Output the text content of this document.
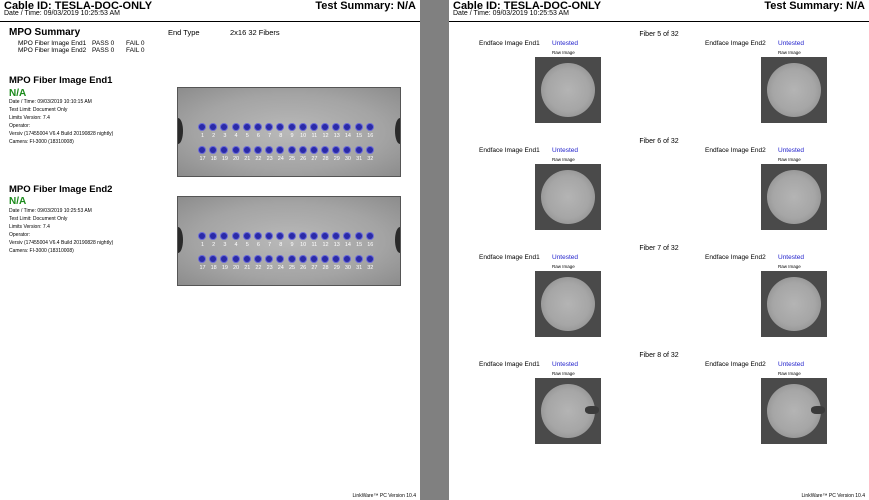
Cable ID: TESLA-DOC-ONLY
Date / Time: 09/03/2019 10:25:53 AM
Test Summary: N/A
MPO Summary
MPO Fiber Image End1 PASS 0 FAIL 0
MPO Fiber Image End2 PASS 0 FAIL 0
End Type	2x16 32 Fibers
MPO Fiber Image End1
N/A
Date / Time: 09/03/2019 10:10:15 AM
Test Limit: Document Only
Limits Version: 7.4
Operator:
Versiv (17455004 V6.4 Build 20190828 nightly)
Camera: FI-3000 (18310008)
1	2	3	4	5	6	7	8	9	10 11 12 13 14 15 16
17 18 19 20 21 22 23 24 25 26 27 28 29 30 31 32
MPO Fiber Image End2
N/A
Date / Time: 09/03/2019 10:25:53 AM
Test Limit: Document Only
Limits Version: 7.4
Operator:
Versiv (17455004 V6.4 Build 20190828 nightly)
Camera: FI-3000 (18310008)
1	2	3	4	5	6	7	8	9	10 11 12 13 14 15 16
17 18 19 20 21 22 23 24 25 26 27 28 29 30 31 32
LinkWare™ PC Version 10.4
Cable ID: TESLA-DOC-ONLY
Date / Time: 09/03/2019 10:25:53 AM
Test Summary: N/A
Fiber 5 of 32
Endface Image End1 Untested
Raw Image
Endface Image End2 Untested
Raw Image
Fiber 6 of 32
Endface Image End1 Untested
Raw Image
Endface Image End2 Untested
Raw Image
Fiber 7 of 32
Endface Image End1 Untested
Raw Image
Endface Image End2 Untested
Raw Image
Fiber 8 of 32
Endface Image End1 Untested
Raw Image
Endface Image End2 Untested
Raw Image
LinkWare™ PC Version 10.4
